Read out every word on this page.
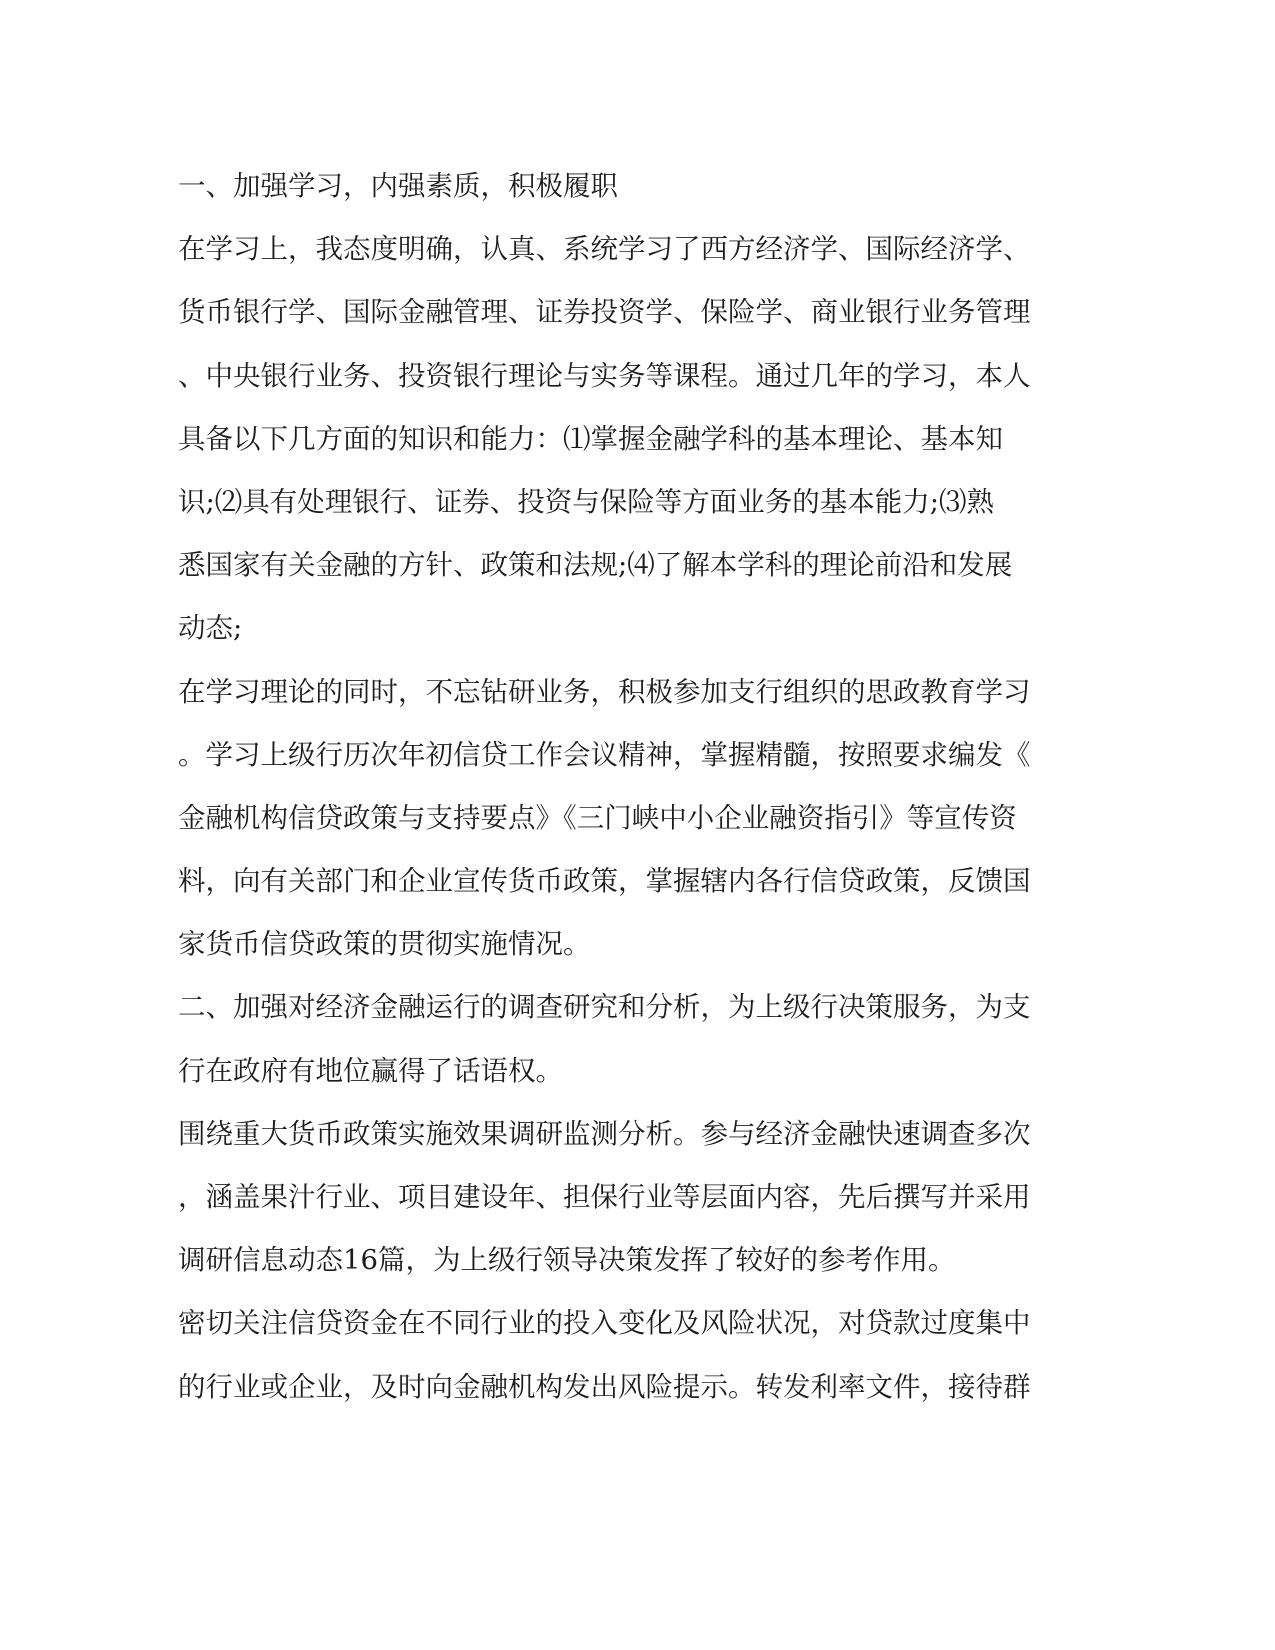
一、加强学习，内强素质，积极履职
在学习上，我态度明确，认真、系统学习了西方经济学、国际经济学、
货币银行学、国际金融管理、证券投资学、保险学、商业银行业务管理
、中央银行业务、投资银行理论与实务等课程。通过几年的学习，本人
具备以下几方面的知识和能力：⑴掌握金融学科的基本理论、基本知
识;⑵具有处理银行、证券、投资与保险等方面业务的基本能力;⑶熟
悉国家有关金融的方针、政策和法规;⑷了解本学科的理论前沿和发展
动态;
在学习理论的同时，不忘钻研业务，积极参加支行组织的思政教育学习
。学习上级行历次年初信贷工作会议精神，掌握精髓，按照要求编发《
金融机构信贷政策与支持要点》《三门峡中小企业融资指引》等宣传资
料，向有关部门和企业宣传货币政策，掌握辖内各行信贷政策，反馈国
家货币信贷政策的贯彻实施情况。
二、加强对经济金融运行的调查研究和分析，为上级行决策服务，为支
行在政府有地位赢得了话语权。
围绕重大货币政策实施效果调研监测分析。参与经济金融快速调查多次
，涵盖果汁行业、项目建设年、担保行业等层面内容，先后撰写并采用
调研信息动态16篇，为上级行领导决策发挥了较好的参考作用。
密切关注信贷资金在不同行业的投入变化及风险状况，对贷款过度集中
的行业或企业，及时向金融机构发出风险提示。转发利率文件，接待群
